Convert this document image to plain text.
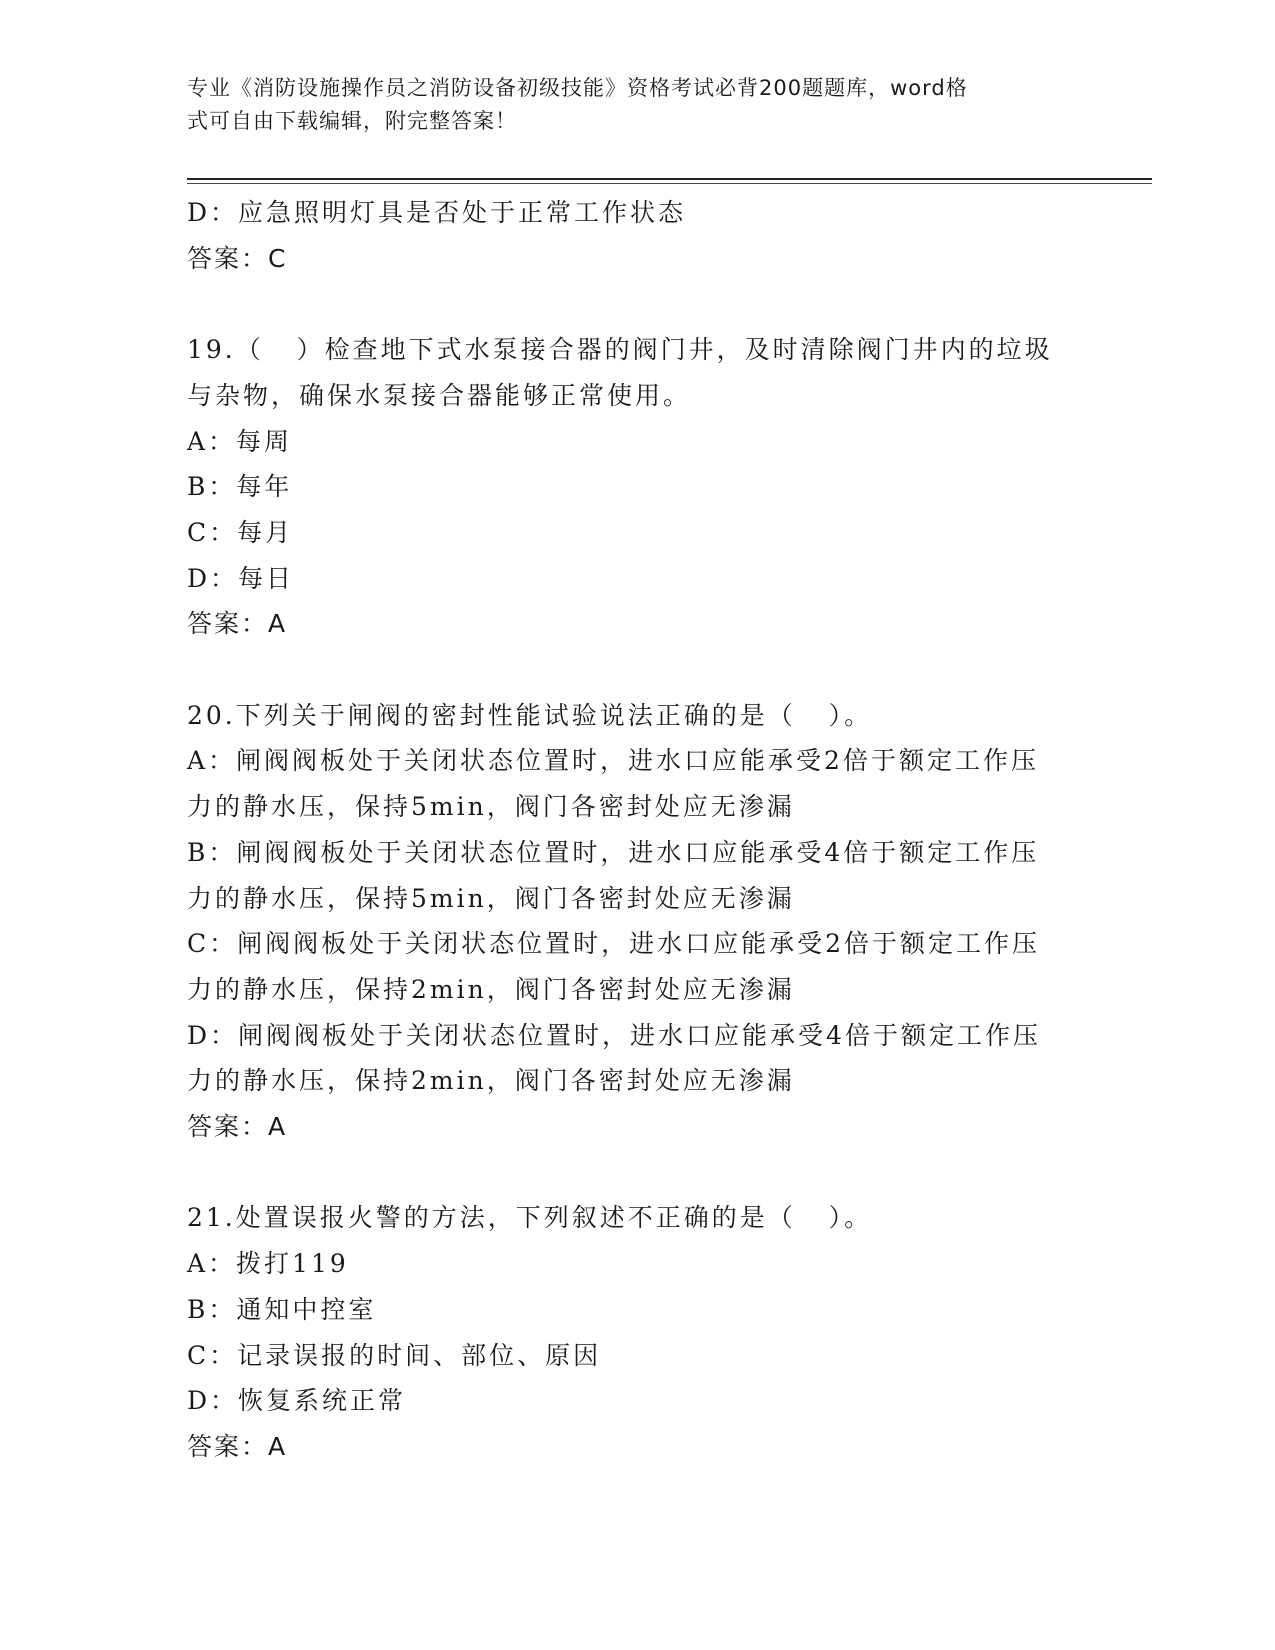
专业《消防设施操作员之消防设备初级技能》资格考试必背200题题库，word格
式可自由下载编辑，附完整答案！
D：应急照明灯具是否处于正常工作状态
答案：C
19.（   ）检查地下式水泵接合器的阀门井，及时清除阀门井内的垃圾
与杂物，确保水泵接合器能够正常使用。
A：每周
B：每年
C：每月
D：每日
答案：A
20.下列关于闸阀的密封性能试验说法正确的是（   ）。
A：闸阀阀板处于关闭状态位置时，进水口应能承受2倍于额定工作压
力的静水压，保持5min，阀门各密封处应无渗漏
B：闸阀阀板处于关闭状态位置时，进水口应能承受4倍于额定工作压
力的静水压，保持5min，阀门各密封处应无渗漏
C：闸阀阀板处于关闭状态位置时，进水口应能承受2倍于额定工作压
力的静水压，保持2min，阀门各密封处应无渗漏
D：闸阀阀板处于关闭状态位置时，进水口应能承受4倍于额定工作压
力的静水压，保持2min，阀门各密封处应无渗漏
答案：A
21.处置误报火警的方法，下列叙述不正确的是（   ）。
A：拨打119
B：通知中控室
C：记录误报的时间、部位、原因
D：恢复系统正常
答案：A
